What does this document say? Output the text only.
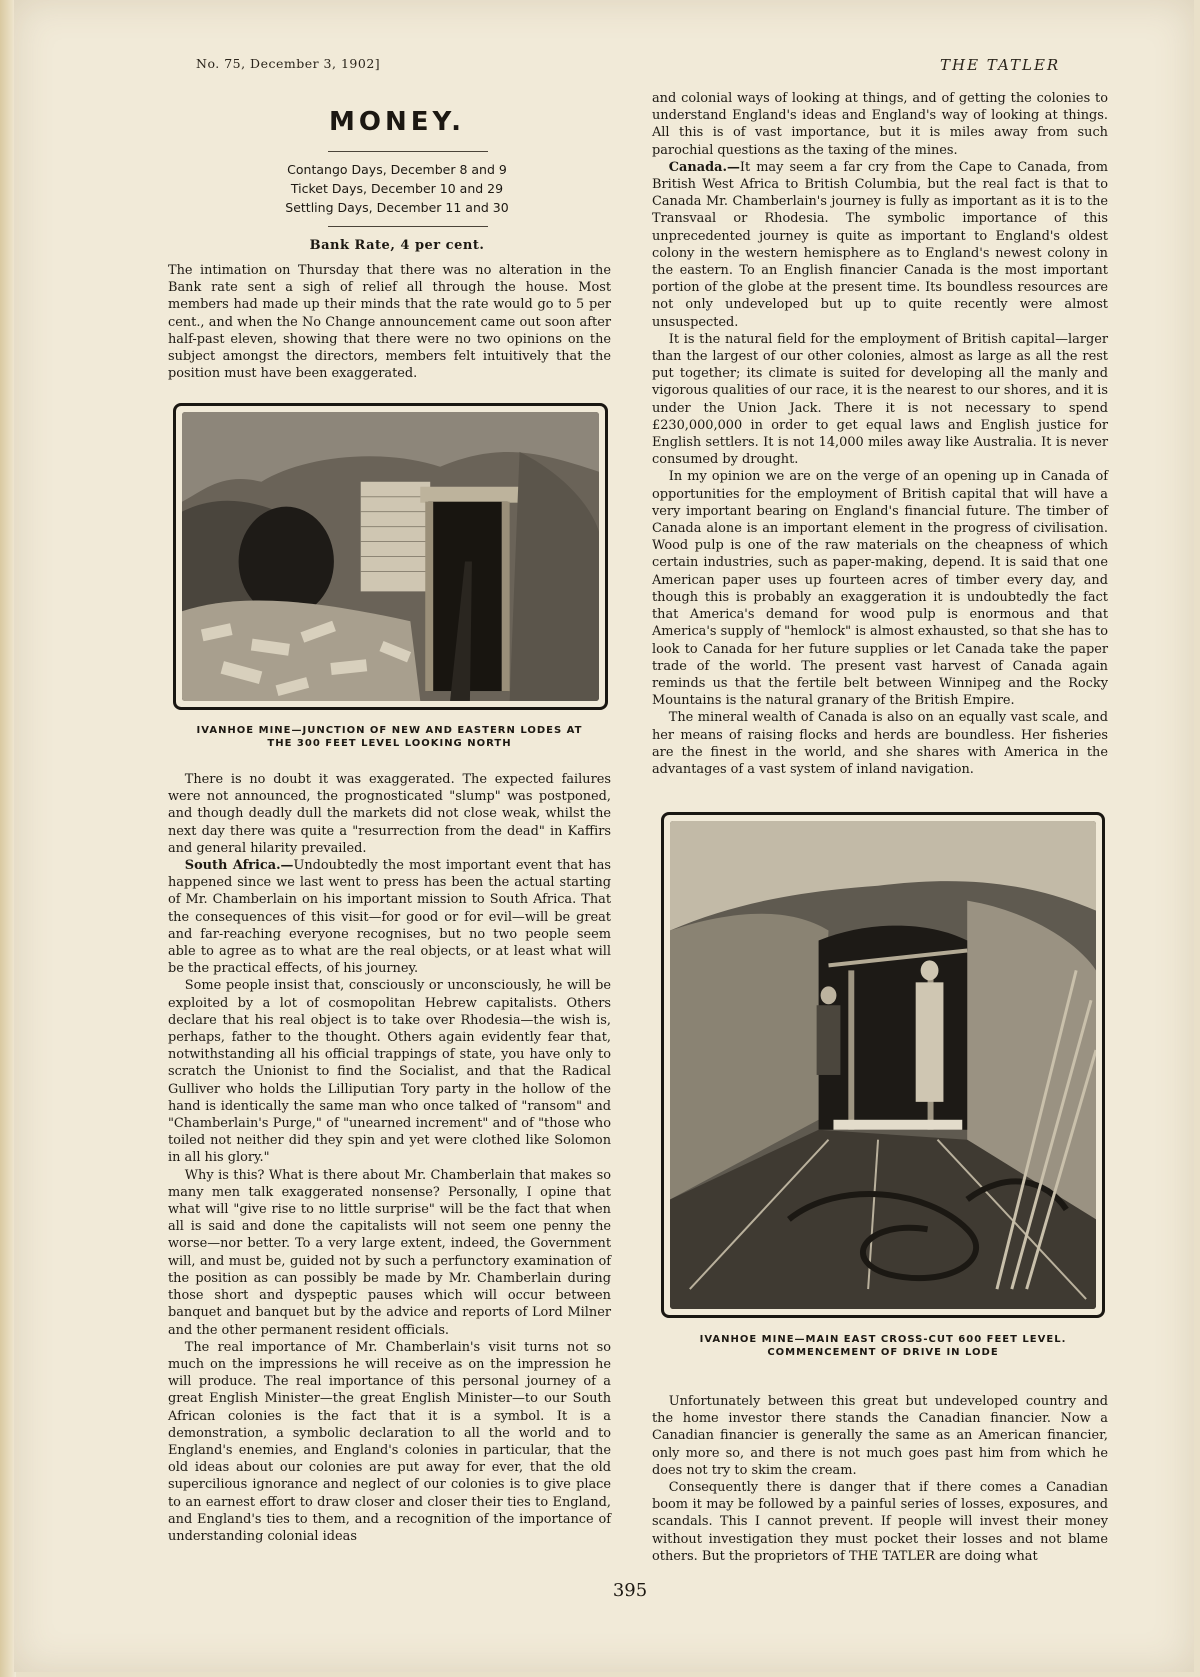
No. 75, December 3, 1902]	THE TATLER
MONEY.
Contango Days, December 8 and 9
Ticket Days, December 10 and 29
Settling Days, December 11 and 30
Bank Rate, 4 per cent.

The intimation on Thursday that there was no alteration in the Bank rate sent a sigh of relief all through the house. Most members had made up their minds that the rate would go to 5 per cent., and when the No Change announcement came out soon after half-past eleven, showing that there were no two opinions on the subject amongst the directors, members felt intuitively that the position must have been exaggerated.

IVANHOE MINE—JUNCTION OF NEW AND EASTERN LODES AT
THE 300 FEET LEVEL LOOKING NORTH

There is no doubt it was exaggerated. The expected failures were not announced, the prognosticated "slump" was postponed, and though deadly dull the markets did not close weak, whilst the next day there was quite a "resurrection from the dead" in Kaffirs and general hilarity prevailed.

South Africa.—Undoubtedly the most important event that has happened since we last went to press has been the actual starting of Mr. Chamberlain on his important mission to South Africa. That the consequences of this visit—for good or for evil—will be great and far-reaching everyone recognises, but no two people seem able to agree as to what are the real objects, or at least what will be the practical effects, of his journey.

Some people insist that, consciously or unconsciously, he will be exploited by a lot of cosmopolitan Hebrew capitalists. Others declare that his real object is to take over Rhodesia—the wish is, perhaps, father to the thought. Others again evidently fear that, notwithstanding all his official trappings of state, you have only to scratch the Unionist to find the Socialist, and that the Radical Gulliver who holds the Lilliputian Tory party in the hollow of the hand is identically the same man who once talked of "ransom" and "Chamberlain's Purge," of "unearned increment" and of "those who toiled not neither did they spin and yet were clothed like Solomon in all his glory."

Why is this? What is there about Mr. Chamberlain that makes so many men talk exaggerated nonsense? Personally, I opine that what will "give rise to no little surprise" will be the fact that when all is said and done the capitalists will not seem one penny the worse—nor better. To a very large extent, indeed, the Government will, and must be, guided not by such a perfunctory examination of the position as can possibly be made by Mr. Chamberlain during those short and dyspeptic pauses which will occur between banquet and banquet but by the advice and reports of Lord Milner and the other permanent resident officials.

The real importance of Mr. Chamberlain's visit turns not so much on the impressions he will receive as on the impression he will produce. The real importance of this personal journey of a great English Minister—the great English Minister—to our South African colonies is the fact that it is a symbol. It is a demonstration, a symbolic declaration to all the world and to England's enemies, and England's colonies in particular, that the old ideas about our colonies are put away for ever, that the old supercilious ignorance and neglect of our colonies is to give place to an earnest effort to draw closer and closer their ties to England, and England's ties to them, and a recognition of the importance of understanding colonial ideas

and colonial ways of looking at things, and of getting the colonies to understand England's ideas and England's way of looking at things. All this is of vast importance, but it is miles away from such parochial questions as the taxing of the mines.

Canada.—It may seem a far cry from the Cape to Canada, from British West Africa to British Columbia, but the real fact is that to Canada Mr. Chamberlain's journey is fully as important as it is to the Transvaal or Rhodesia. The symbolic importance of this unprecedented journey is quite as important to England's oldest colony in the western hemisphere as to England's newest colony in the eastern. To an English financier Canada is the most important portion of the globe at the present time. Its boundless resources are not only undeveloped but up to quite recently were almost unsuspected.

It is the natural field for the employment of British capital—larger than the largest of our other colonies, almost as large as all the rest put together; its climate is suited for developing all the manly and vigorous qualities of our race, it is the nearest to our shores, and it is under the Union Jack. There it is not necessary to spend £230,000,000 in order to get equal laws and English justice for English settlers. It is not 14,000 miles away like Australia. It is never consumed by drought.

In my opinion we are on the verge of an opening up in Canada of opportunities for the employment of British capital that will have a very important bearing on England's financial future. The timber of Canada alone is an important element in the progress of civilisation. Wood pulp is one of the raw materials on the cheapness of which certain industries, such as paper-making, depend. It is said that one American paper uses up fourteen acres of timber every day, and though this is probably an exaggeration it is undoubtedly the fact that America's demand for wood pulp is enormous and that America's supply of "hemlock" is almost exhausted, so that she has to look to Canada for her future supplies or let Canada take the paper trade of the world. The present vast harvest of Canada again reminds us that the fertile belt between Winnipeg and the Rocky Mountains is the natural granary of the British Empire.

The mineral wealth of Canada is also on an equally vast scale, and her means of raising flocks and herds are boundless. Her fisheries are the finest in the world, and she shares with America in the advantages of a vast system of inland navigation.

IVANHOE MINE—MAIN EAST CROSS-CUT 600 FEET LEVEL.
COMMENCEMENT OF DRIVE IN LODE

Unfortunately between this great but undeveloped country and the home investor there stands the Canadian financier. Now a Canadian financier is generally the same as an American financier, only more so, and there is not much goes past him from which he does not try to skim the cream.

Consequently there is danger that if there comes a Canadian boom it may be followed by a painful series of losses, exposures, and scandals. This I cannot prevent. If people will invest their money without investigation they must pocket their losses and not blame others. But the proprietors of THE TATLER are doing what

395
